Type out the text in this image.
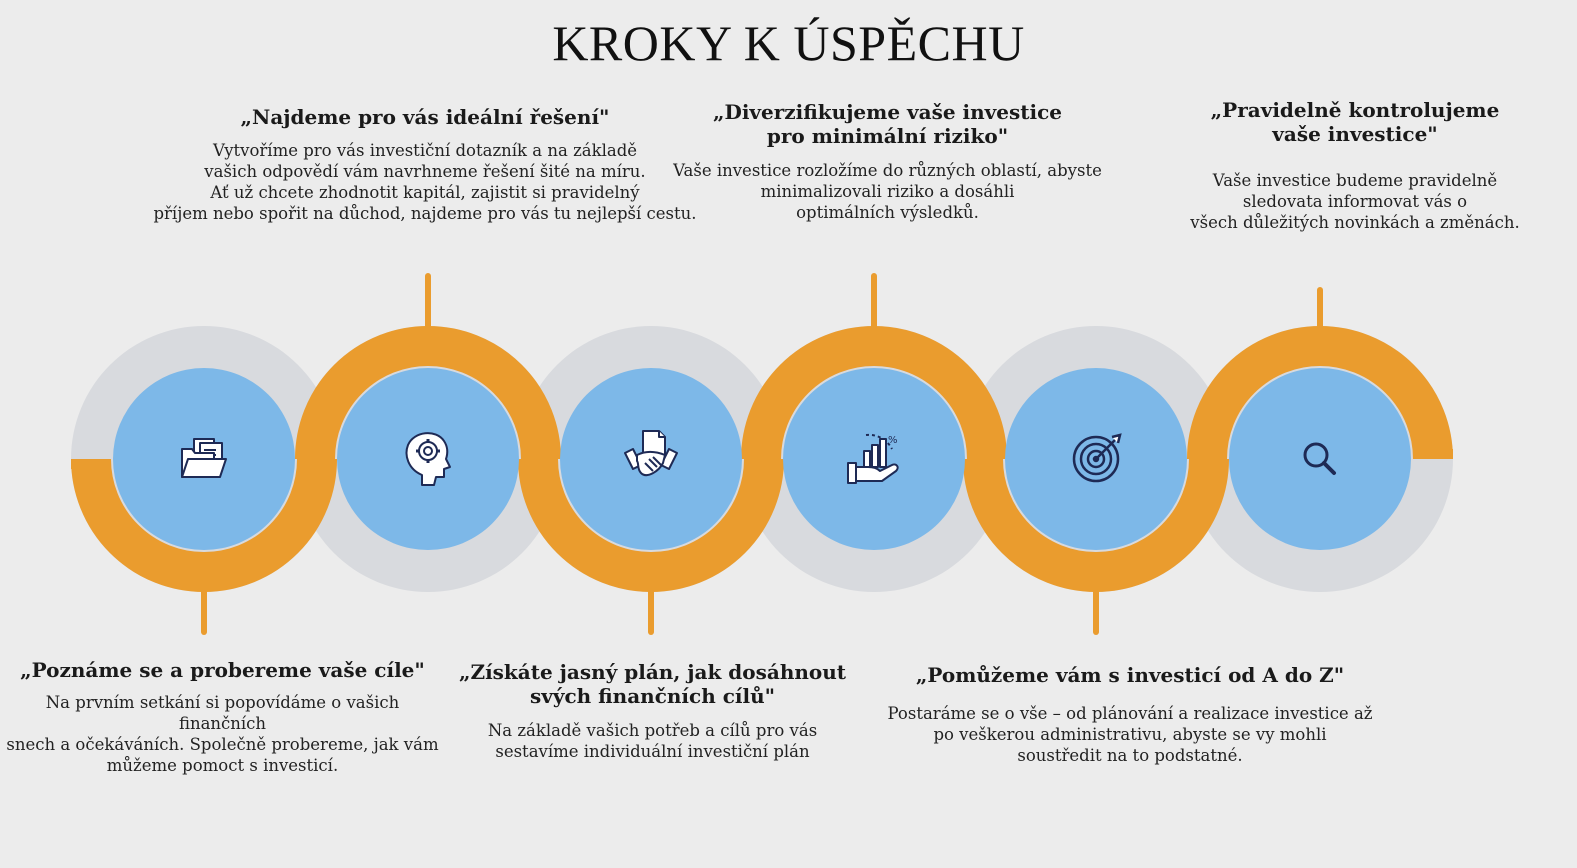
KROKY K ÚSPĚCHU
%
„Poznáme se a probereme vaše cíle"

Na prvním setkání si popovídáme o vašich finančních
snech a očekáváních. Společně probereme, jak vám
můžeme pomoct s investicí.

„Najdeme pro vás ideální řešení"

Vytvoříme pro vás investiční dotazník a na základě
vašich odpovědí vám navrhneme řešení šité na míru.
Ať už chcete zhodnotit kapitál, zajistit si pravidelný
příjem nebo spořit na důchod, najdeme pro vás tu nejlepší cestu.

„Získáte jasný plán, jak dosáhnout
svých finančních cílů"

Na základě vašich potřeb a cílů pro vás
sestavíme individuální investiční plán

„Diverzifikujeme vaše investice
pro minimální riziko"

Vaše investice rozložíme do různých oblastí, abyste
minimalizovali riziko a dosáhli
optimálních výsledků.

„Pomůžeme vám s investicí od A do Z"

Postaráme se o vše – od plánování a realizace investice až
po veškerou administrativu, abyste se vy mohli
soustředit na to podstatné.

„Pravidelně kontrolujeme
vaše investice"

Vaše investice budeme pravidelně
sledovata informovat vás o
všech důležitých novinkách a změnách.
